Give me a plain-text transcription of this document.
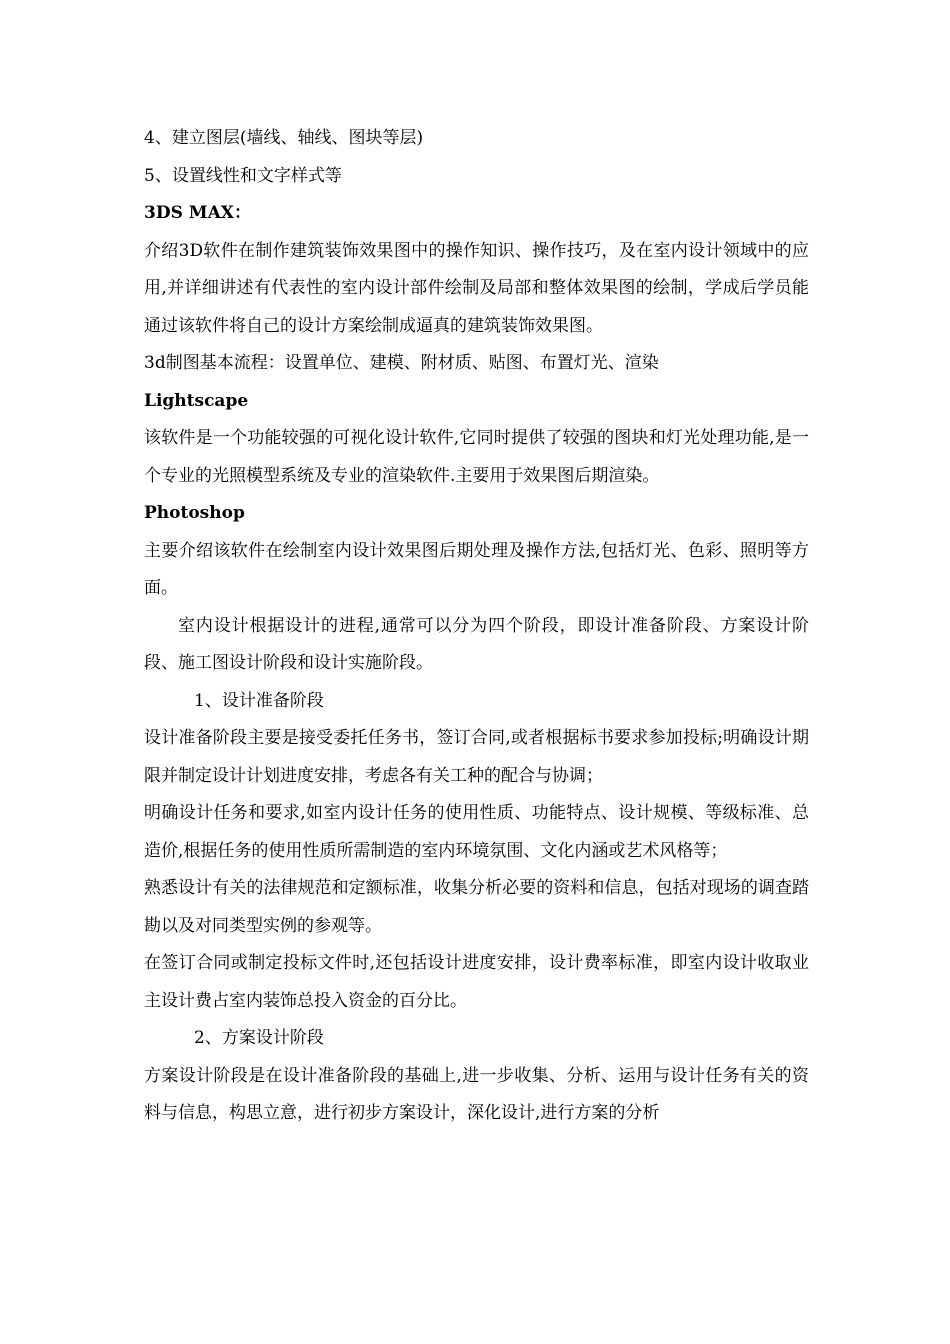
4、建立图层(墙线、轴线、图块等层)
5、设置线性和文字样式等
3DS MAX：
介绍3D软件在制作建筑装饰效果图中的操作知识、操作技巧，及在室内设计领域中的应用,并详细讲述有代表性的室内设计部件绘制及局部和整体效果图的绘制，学成后学员能通过该软件将自己的设计方案绘制成逼真的建筑装饰效果图。
3d制图基本流程：设置单位、建模、附材质、贴图、布置灯光、渲染
Lightscape
该软件是一个功能较强的可视化设计软件,它同时提供了较强的图块和灯光处理功能,是一个专业的光照模型系统及专业的渲染软件.主要用于效果图后期渲染。
Photoshop
主要介绍该软件在绘制室内设计效果图后期处理及操作方法,包括灯光、色彩、照明等方面。
室内设计根据设计的进程,通常可以分为四个阶段，即设计准备阶段、方案设计阶段、施工图设计阶段和设计实施阶段。
1、设计准备阶段
设计准备阶段主要是接受委托任务书，签订合同,或者根据标书要求参加投标;明确设计期限并制定设计计划进度安排，考虑各有关工种的配合与协调；
明确设计任务和要求,如室内设计任务的使用性质、功能特点、设计规模、等级标准、总造价,根据任务的使用性质所需制造的室内环境氛围、文化内涵或艺术风格等；
熟悉设计有关的法律规范和定额标准，收集分析必要的资料和信息，包括对现场的调查踏勘以及对同类型实例的参观等。
在签订合同或制定投标文件时,还包括设计进度安排，设计费率标准，即室内设计收取业主设计费占室内装饰总投入资金的百分比。
2、方案设计阶段
方案设计阶段是在设计准备阶段的基础上,进一步收集、分析、运用与设计任务有关的资料与信息，构思立意，进行初步方案设计，深化设计,进行方案的分析
